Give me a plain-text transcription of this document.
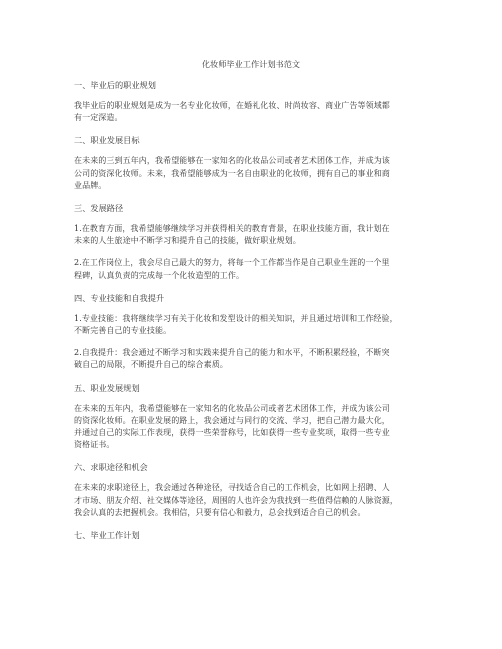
化妆师毕业工作计划书范文

一、毕业后的职业规划

我毕业后的职业规划是成为一名专业化妆师，在婚礼化妆、时尚妆容、商业广告等领域都
有一定深造。

二、职业发展目标

在未来的三到五年内，我希望能够在一家知名的化妆品公司或者艺术团体工作，并成为该
公司的资深化妆师。未来，我希望能够成为一名自由职业的化妆师，拥有自己的事业和商
业品牌。

三、发展路径

1.在教育方面，我希望能够继续学习并获得相关的教育背景，在职业技能方面，我计划在
未来的人生旅途中不断学习和提升自己的技能，做好职业规划。

2.在工作岗位上，我会尽自己最大的努力，将每一个工作都当作是自己职业生涯的一个里
程碑，认真负责的完成每一个化妆造型的工作。

四、专业技能和自我提升

1.专业技能：我将继续学习有关于化妆和发型设计的相关知识，并且通过培训和工作经验，
不断完善自己的专业技能。

2.自我提升：我会通过不断学习和实践来提升自己的能力和水平，不断积累经验，不断突
破自己的局限，不断提升自己的综合素质。

五、职业发展规划

在未来的五年内，我希望能够在一家知名的化妆品公司或者艺术团体工作，并成为该公司
的资深化妆师。在职业发展的路上，我会通过与同行的交流、学习，把自己潜力最大化，
并通过自己的实际工作表现，获得一些荣誉称号，比如获得一些专业奖项，取得一些专业
资格证书。

六、求职途径和机会

在未来的求职途径上，我会通过各种途径，寻找适合自己的工作机会，比如网上招聘、人
才市场、朋友介绍、社交媒体等途径，周围的人也许会为我找到一些值得信赖的人脉资源，
我会认真的去把握机会。我相信，只要有信心和毅力，总会找到适合自己的机会。

七、毕业工作计划
